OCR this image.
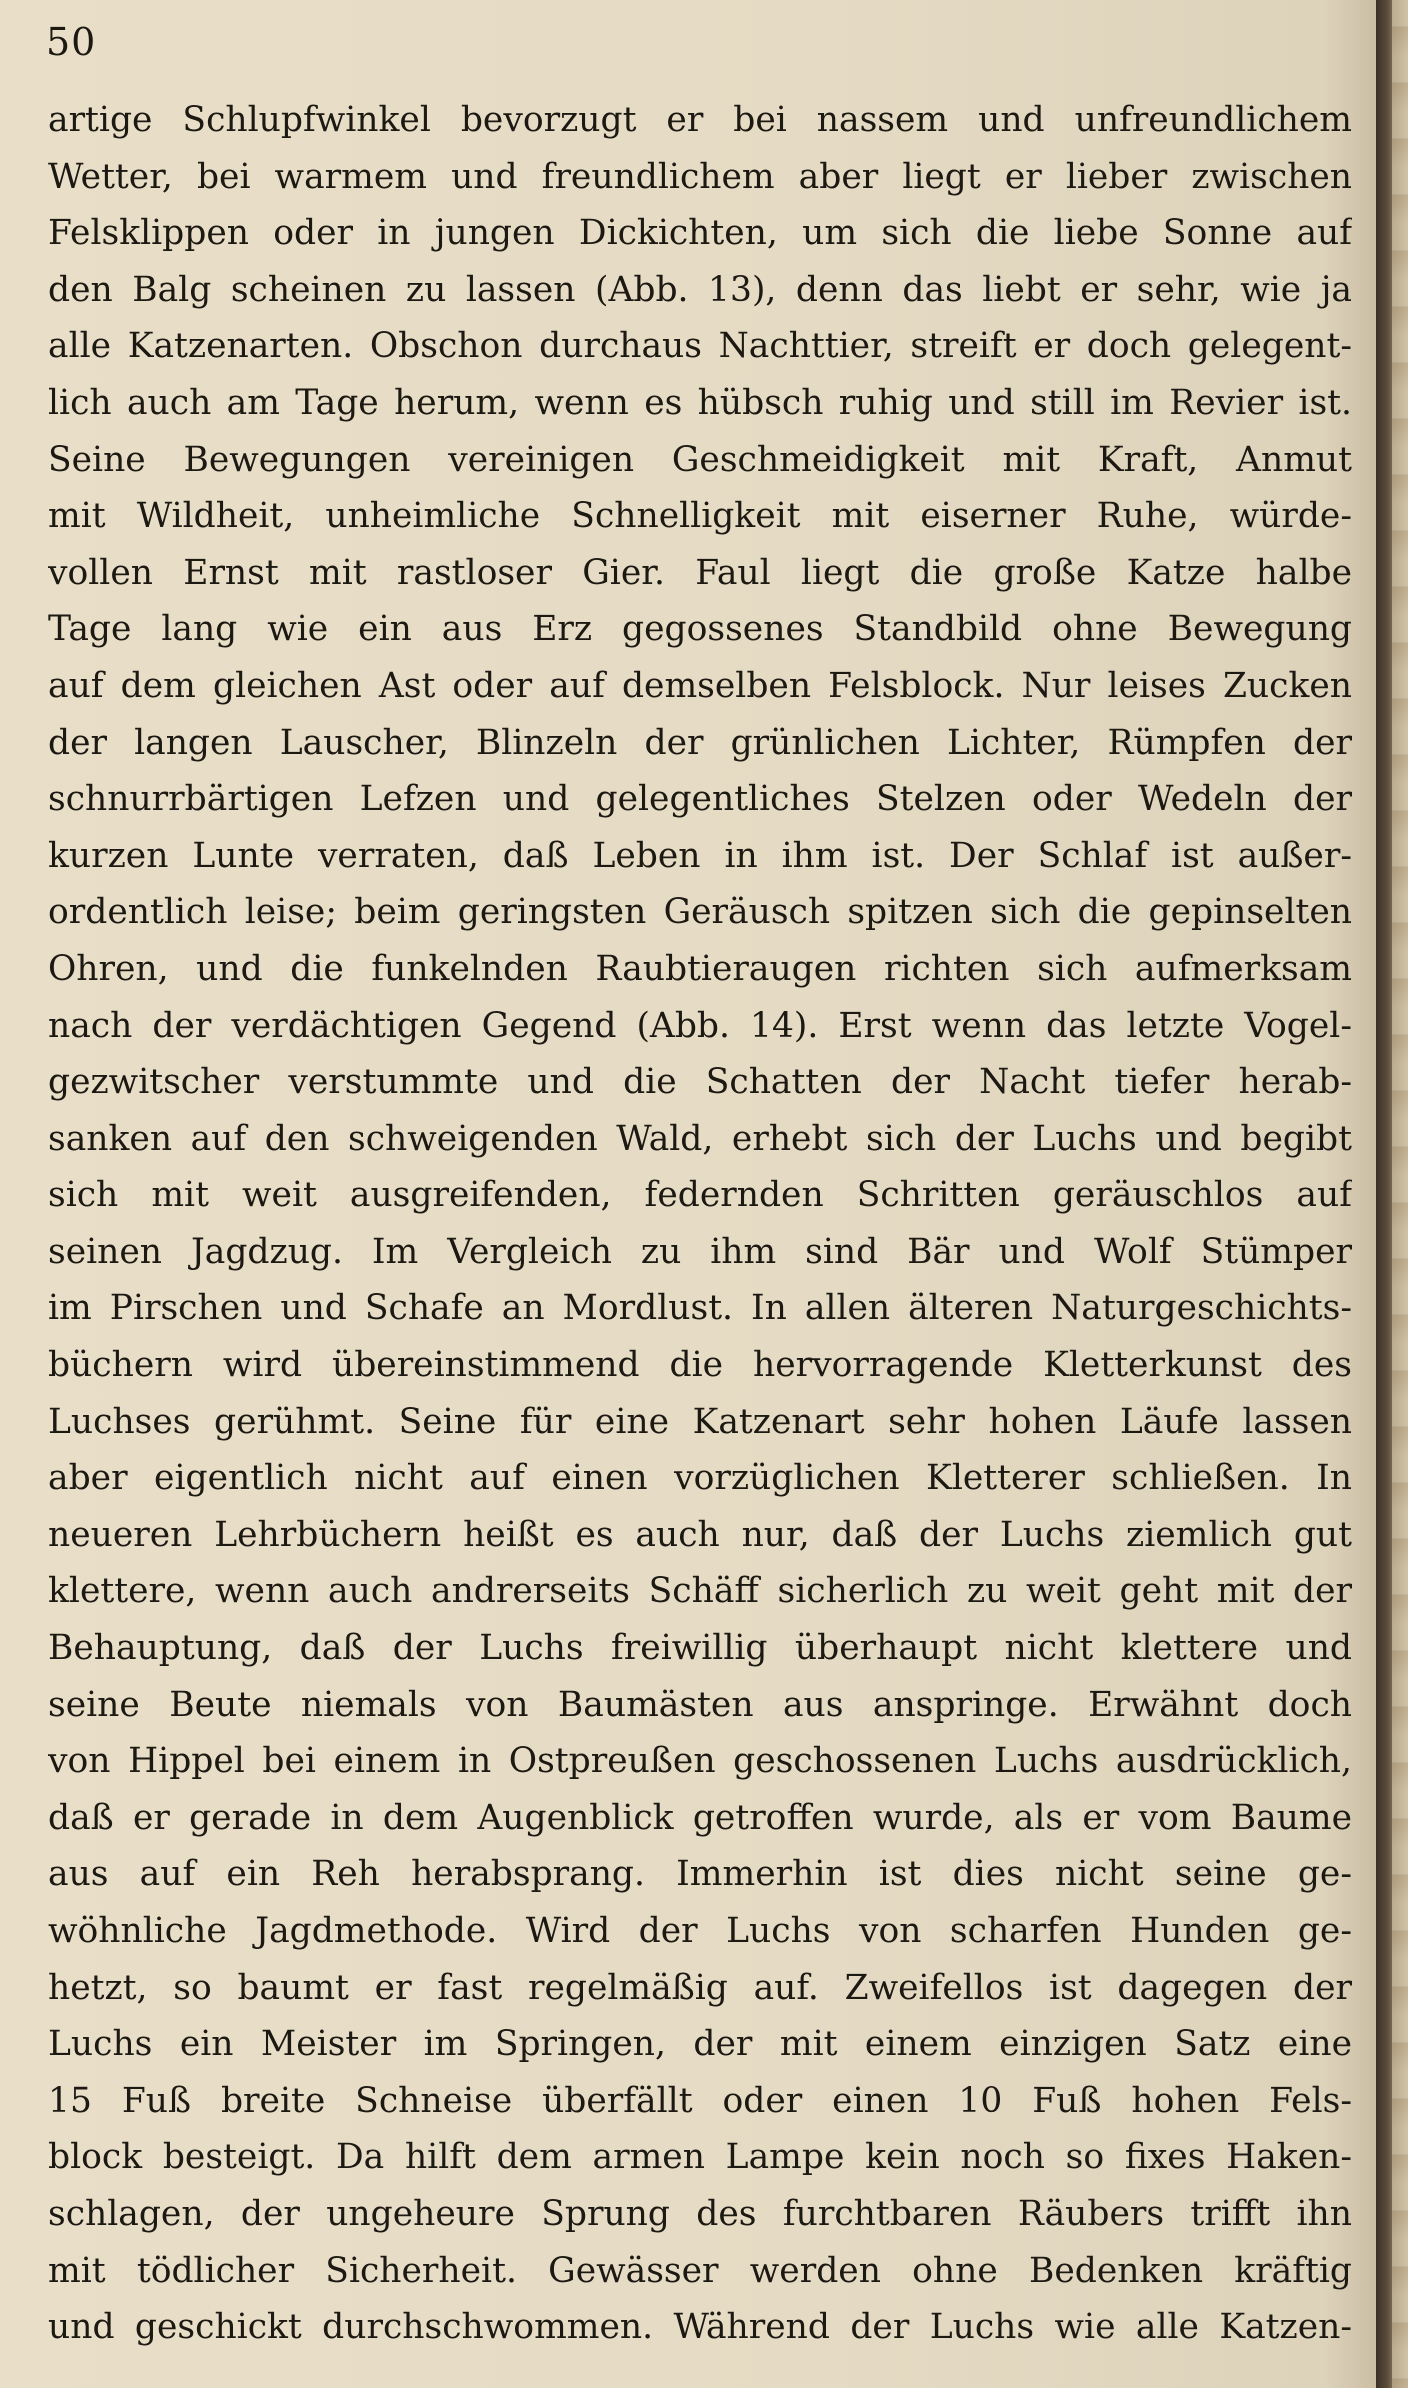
50
artige Schlupfwinkel bevorzugt er bei nassem und unfreundlichem
Wetter, bei warmem und freundlichem aber liegt er lieber zwischen
Felsklippen oder in jungen Dickichten, um sich die liebe Sonne auf
den Balg scheinen zu lassen (Abb. 13), denn das liebt er sehr, wie ja
alle Katzenarten. Obschon durchaus Nachttier, streift er doch gelegent-
lich auch am Tage herum, wenn es hübsch ruhig und still im Revier ist.
Seine Bewegungen vereinigen Geschmeidigkeit mit Kraft, Anmut
mit Wildheit, unheimliche Schnelligkeit mit eiserner Ruhe, würde-
vollen Ernst mit rastloser Gier. Faul liegt die große Katze halbe
Tage lang wie ein aus Erz gegossenes Standbild ohne Bewegung
auf dem gleichen Ast oder auf demselben Felsblock. Nur leises Zucken
der langen Lauscher, Blinzeln der grünlichen Lichter, Rümpfen der
schnurrbärtigen Lefzen und gelegentliches Stelzen oder Wedeln der
kurzen Lunte verraten, daß Leben in ihm ist. Der Schlaf ist außer-
ordentlich leise; beim geringsten Geräusch spitzen sich die gepinselten
Ohren, und die funkelnden Raubtieraugen richten sich aufmerksam
nach der verdächtigen Gegend (Abb. 14). Erst wenn das letzte Vogel-
gezwitscher verstummte und die Schatten der Nacht tiefer herab-
sanken auf den schweigenden Wald, erhebt sich der Luchs und begibt
sich mit weit ausgreifenden, federnden Schritten geräuschlos auf
seinen Jagdzug. Im Vergleich zu ihm sind Bär und Wolf Stümper
im Pirschen und Schafe an Mordlust. In allen älteren Naturgeschichts-
büchern wird übereinstimmend die hervorragende Kletterkunst des
Luchses gerühmt. Seine für eine Katzenart sehr hohen Läufe lassen
aber eigentlich nicht auf einen vorzüglichen Kletterer schließen. In
neueren Lehrbüchern heißt es auch nur, daß der Luchs ziemlich gut
klettere, wenn auch andrerseits Schäff sicherlich zu weit geht mit der
Behauptung, daß der Luchs freiwillig überhaupt nicht klettere und
seine Beute niemals von Baumästen aus anspringe. Erwähnt doch
von Hippel bei einem in Ostpreußen geschossenen Luchs ausdrücklich,
daß er gerade in dem Augenblick getroffen wurde, als er vom Baume
aus auf ein Reh herabsprang. Immerhin ist dies nicht seine ge-
wöhnliche Jagdmethode. Wird der Luchs von scharfen Hunden ge-
hetzt, so baumt er fast regelmäßig auf. Zweifellos ist dagegen der
Luchs ein Meister im Springen, der mit einem einzigen Satz eine
15 Fuß breite Schneise überfällt oder einen 10 Fuß hohen Fels-
block besteigt. Da hilft dem armen Lampe kein noch so fixes Haken-
schlagen, der ungeheure Sprung des furchtbaren Räubers trifft ihn
mit tödlicher Sicherheit. Gewässer werden ohne Bedenken kräftig
und geschickt durchschwommen. Während der Luchs wie alle Katzen-
